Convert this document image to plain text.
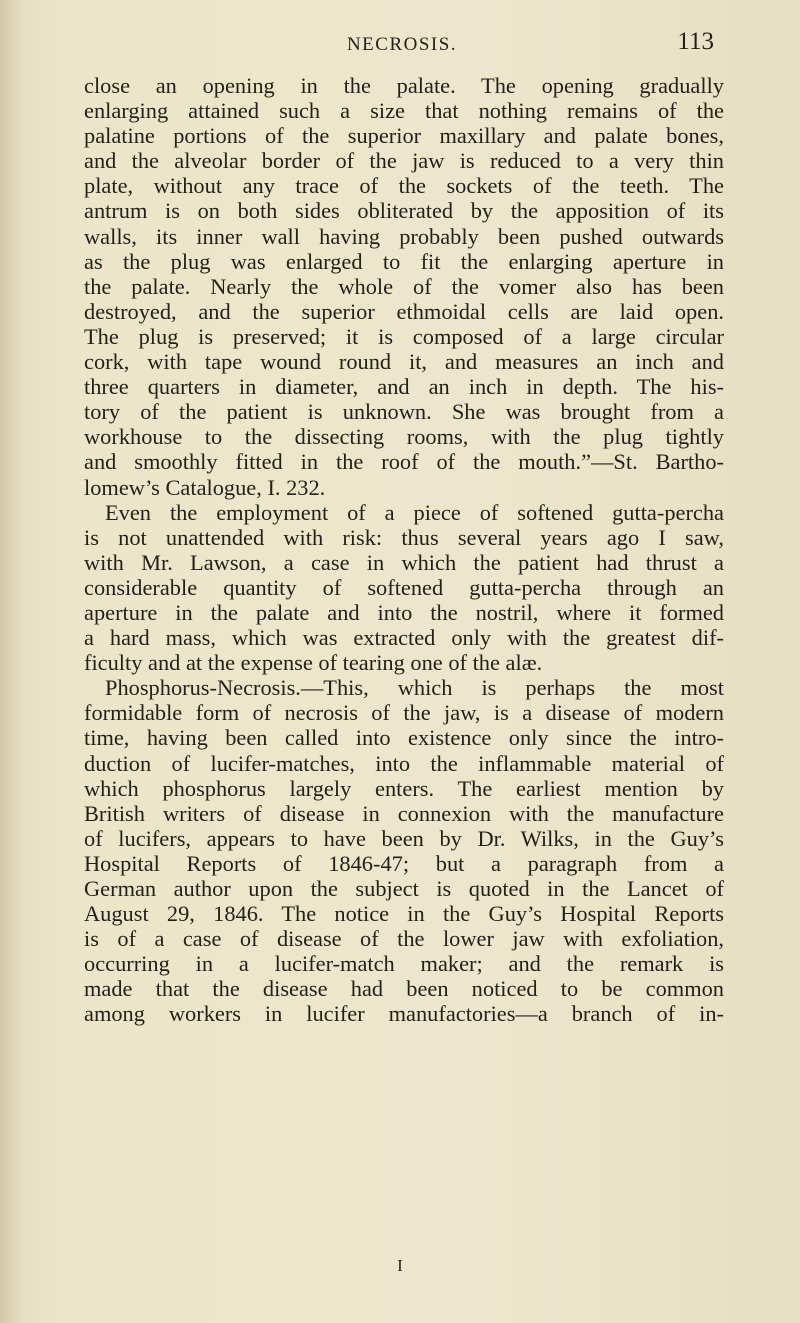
NECROSIS.	113

close an opening in the palate. The opening gradually

enlarging attained such a size that nothing remains of the

palatine portions of the superior maxillary and palate bones,

and the alveolar border of the jaw is reduced to a very thin

plate, without any trace of the sockets of the teeth. The

antrum is on both sides obliterated by the apposition of its

walls, its inner wall having probably been pushed outwards

as the plug was enlarged to fit the enlarging aperture in

the palate. Nearly the whole of the vomer also has been

destroyed, and the superior ethmoidal cells are laid open.

The plug is preserved; it is composed of a large circular

cork, with tape wound round it, and measures an inch and

three quarters in diameter, and an inch in depth. The his-

tory of the patient is unknown. She was brought from a

workhouse to the dissecting rooms, with the plug tightly

and smoothly fitted in the roof of the mouth.”—St. Bartho-

lomew’s Catalogue, I. 232.

Even the employment of a piece of softened gutta-percha

is not unattended with risk: thus several years ago I saw,

with Mr. Lawson, a case in which the patient had thrust a

considerable quantity of softened gutta-percha through an

aperture in the palate and into the nostril, where it formed

a hard mass, which was extracted only with the greatest dif-

ficulty and at the expense of tearing one of the alæ.

Phosphorus-Necrosis.—This, which is perhaps the most

formidable form of necrosis of the jaw, is a disease of modern

time, having been called into existence only since the intro-

duction of lucifer-matches, into the inflammable material of

which phosphorus largely enters. The earliest mention by

British writers of disease in connexion with the manufacture

of lucifers, appears to have been by Dr. Wilks, in the Guy’s

Hospital Reports of 1846-47; but a paragraph from a

German author upon the subject is quoted in the Lancet of

August 29, 1846. The notice in the Guy’s Hospital Reports

is of a case of disease of the lower jaw with exfoliation,

occurring in a lucifer-match maker; and the remark is

made that the disease had been noticed to be common

among workers in lucifer manufactories—a branch of in-

I
